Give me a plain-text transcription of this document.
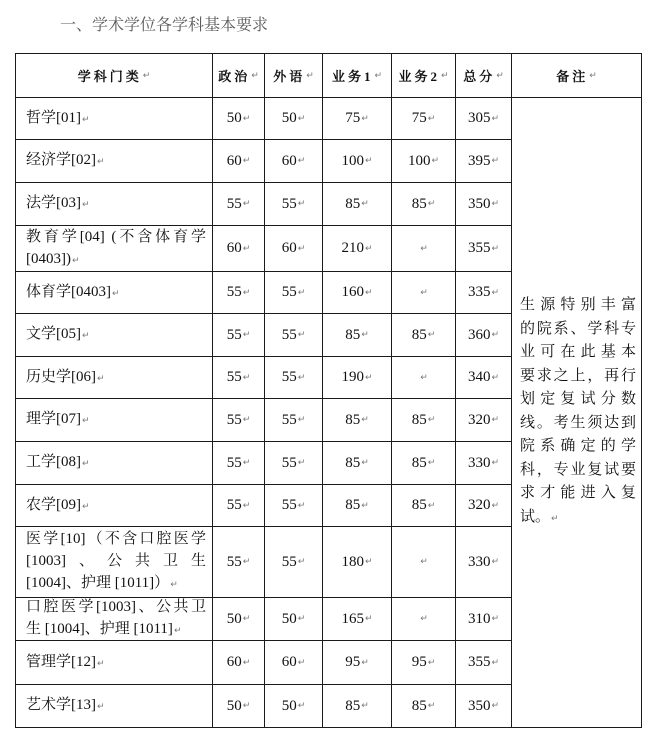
一、学术学位各学科基本要求
学科门类 ↵	政治 ↵ 外语 ↵ 业务1 ↵ 业务2 ↵ 总分 ↵	备注 ↵
生源特别丰富
的院系、学科专
业可在此基本
要求之上，再行
划定复试分数
线。考生须达到
院系确定的学
科，专业复试要
求才能进入复
试。↵
哲学[01]↵	50 ↵ 50 ↵	75 ↵	75 ↵ 305 ↵
经济学[02]↵	60 ↵ 60 ↵ 100 ↵ 100 ↵ 395 ↵
法学[03]↵	55 ↵ 55 ↵	85 ↵	85 ↵ 350 ↵
教育学[04] (不含体育学
[0403])↵
60 ↵ 60 ↵ 210 ↵	↵	355 ↵
体育学[0403]↵	55 ↵ 55 ↵ 160 ↵	↵	335 ↵
文学[05]↵	55 ↵ 55 ↵	85 ↵	85 ↵ 360 ↵
历史学[06]↵	55 ↵ 55 ↵ 190 ↵	↵	340 ↵
理学[07]↵	55 ↵ 55 ↵	85 ↵	85 ↵ 320 ↵
工学[08]↵	55 ↵ 55 ↵	85 ↵	85 ↵ 330 ↵
农学[09]↵	55 ↵ 55 ↵	85 ↵	85 ↵ 320 ↵
医学[10]（不含口腔医学
[1003]、公共卫生
[1004]、护理 [1011]）↵
55 ↵ 55 ↵ 180 ↵	↵	330 ↵
口腔医学[1003]、公共卫
生 [1004]、护理 [1011]↵
50 ↵ 50 ↵ 165 ↵	↵	310 ↵
管理学[12]↵	60 ↵ 60 ↵	95 ↵	95 ↵ 355 ↵
艺术学[13]↵	50 ↵ 50 ↵	85 ↵	85 ↵ 350 ↵
